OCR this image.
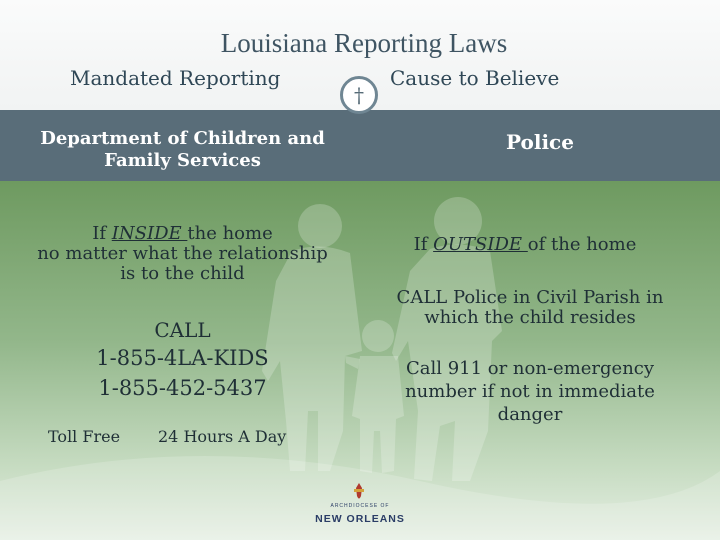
Louisiana Reporting Laws
Mandated Reporting	Cause to Believe
Department of Children and Family Services
Police
†
If INSIDE the home
no matter what the relationship is to the child
CALL
1-855-4LA-KIDS
1-855-452-5437
Toll Free	24 Hours A Day
If OUTSIDE of the home
CALL Police in Civil Parish in which the child resides
Call 911 or non-emergency number if not in immediate danger
ARCHDIOCESE OF
NEW ORLEANS
